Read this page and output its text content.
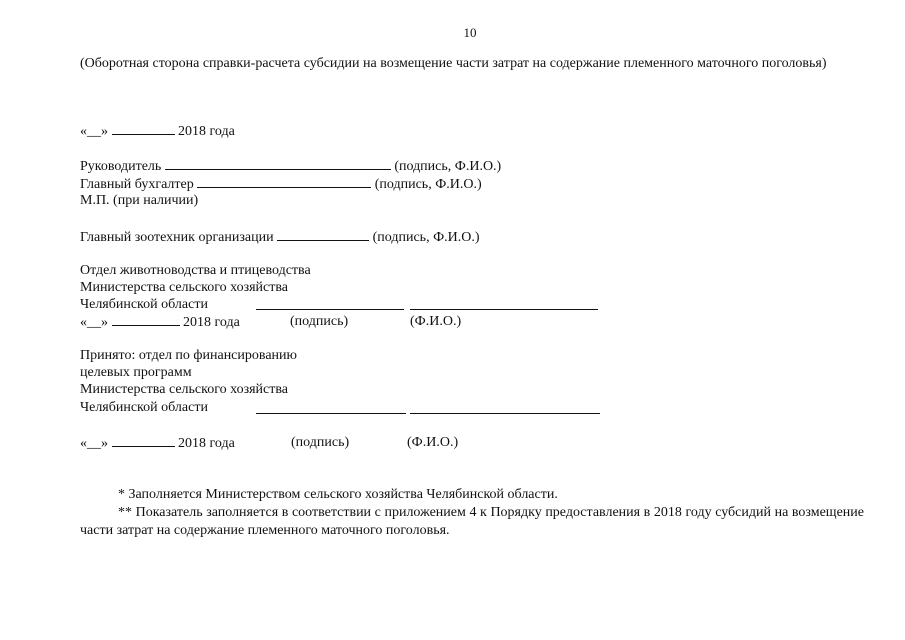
10
(Оборотная сторона справки-расчета субсидии на возмещение части затрат на содержание племенного маточного поголовья)
«__»	2018 года
Руководитель	(подпись, Ф.И.О.)
Главный бухгалтер	(подпись, Ф.И.О.)
М.П. (при наличии)
Главный зоотехник организации	(подпись, Ф.И.О.)
Отдел животноводства и птицеводства
Министерства сельского хозяйства
Челябинской области
«__»	2018 года	(подпись)	(Ф.И.О.)
Принято: отдел по финансированию
целевых программ
Министерства сельского хозяйства
Челябинской области
«__»	2018 года	(подпись)	(Ф.И.О.)
* Заполняется Министерством сельского хозяйства Челябинской области.
** Показатель заполняется в соответствии с приложением 4 к Порядку предоставления в 2018 году субсидий на возмещение части затрат на содержание племенного маточного поголовья.
